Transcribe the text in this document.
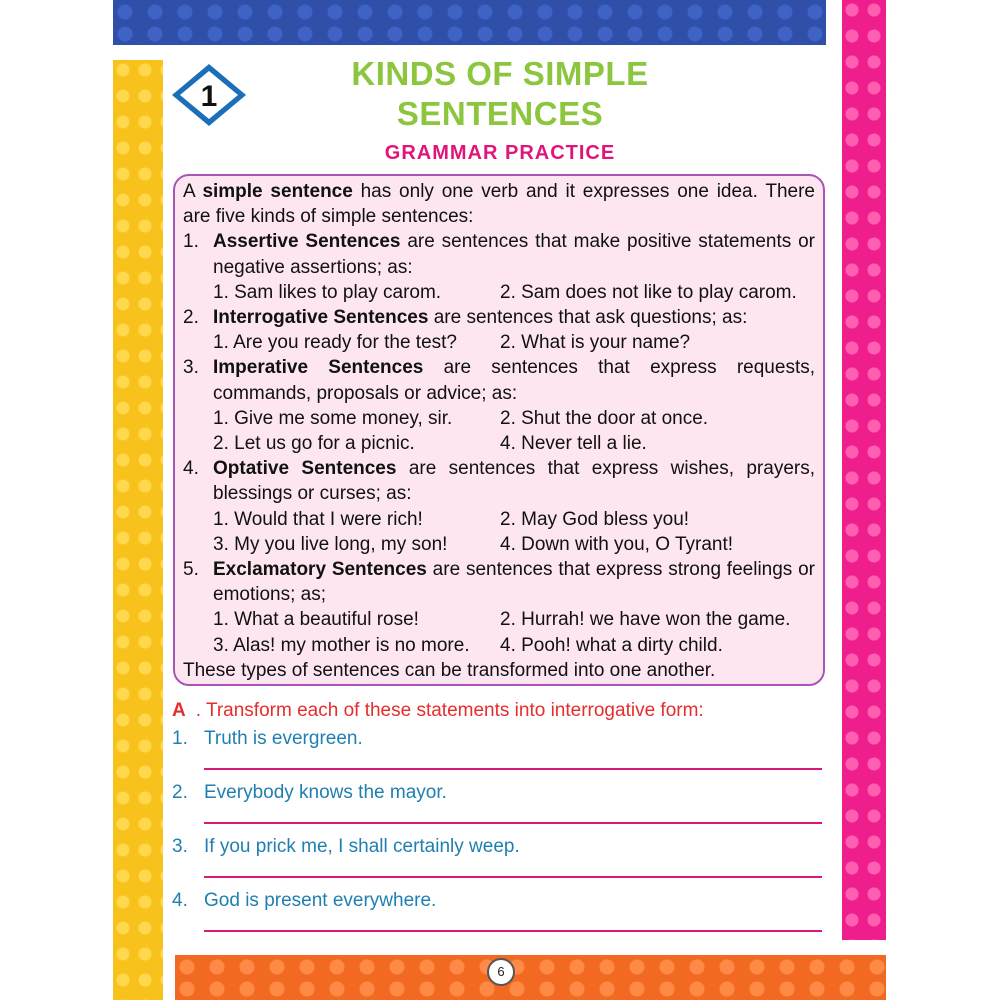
1
KINDS OF SIMPLE
SENTENCES
GRAMMAR PRACTICE

A simple sentence has only one verb and it expresses one idea. There are five kinds of simple sentences:

1. Assertive Sentences are sentences that make positive statements or negative assertions; as:
1. Sam likes to play carom.	2. Sam does not like to play carom.
2. Interrogative Sentences are sentences that ask questions; as:
1. Are you ready for the test?	2. What is your name?
3. Imperative Sentences are sentences that express requests, commands, proposals or advice; as:
1. Give me some money, sir.	2. Shut the door at once.
2. Let us go for a picnic.	4. Never tell a lie.
4. Optative Sentences are sentences that express wishes, prayers, blessings or curses; as:
1. Would that I were rich!	2. May God bless you!
3. My you live long, my son!	4. Down with you, O Tyrant!
5. Exclamatory Sentences are sentences that express strong feelings or emotions; as;
1. What a beautiful rose!	2. Hurrah! we have won the game.
3. Alas! my mother is no more.	4. Pooh! what a dirty child.

These types of sentences can be transformed into one another.

A . Transform each of these statements into interrogative form:
1. Truth is evergreen.
2. Everybody knows the mayor.
3. If you prick me, I shall certainly weep.
4. God is present everywhere.
6
